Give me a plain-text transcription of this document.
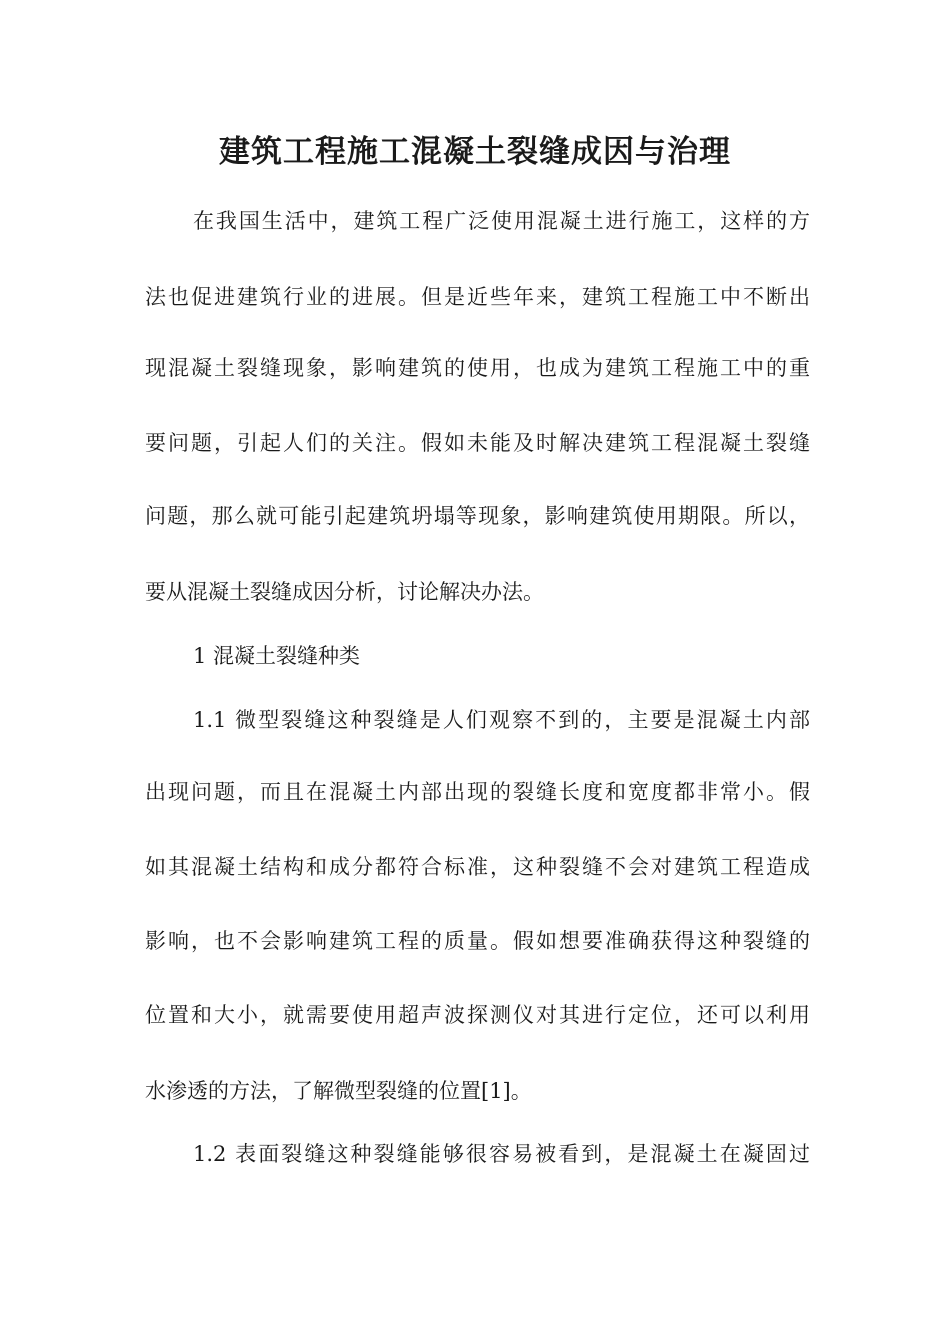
建筑工程施工混凝土裂缝成因与治理

在我国生活中，建筑工程广泛使用混凝土进行施工，这样的方

法也促进建筑行业的进展。但是近些年来，建筑工程施工中不断出

现混凝土裂缝现象，影响建筑的使用，也成为建筑工程施工中的重

要问题，引起人们的关注。假如未能及时解决建筑工程混凝土裂缝

问题，那么就可能引起建筑坍塌等现象，影响建筑使用期限。所以，

要从混凝土裂缝成因分析，讨论解决办法。

1 混凝土裂缝种类

1.1 微型裂缝这种裂缝是人们观察不到的，主要是混凝土内部

出现问题，而且在混凝土内部出现的裂缝长度和宽度都非常小。假

如其混凝土结构和成分都符合标准，这种裂缝不会对建筑工程造成

影响，也不会影响建筑工程的质量。假如想要准确获得这种裂缝的

位置和大小，就需要使用超声波探测仪对其进行定位，还可以利用

水渗透的方法，了解微型裂缝的位置[1]。

1.2 表面裂缝这种裂缝能够很容易被看到，是混凝土在凝固过
